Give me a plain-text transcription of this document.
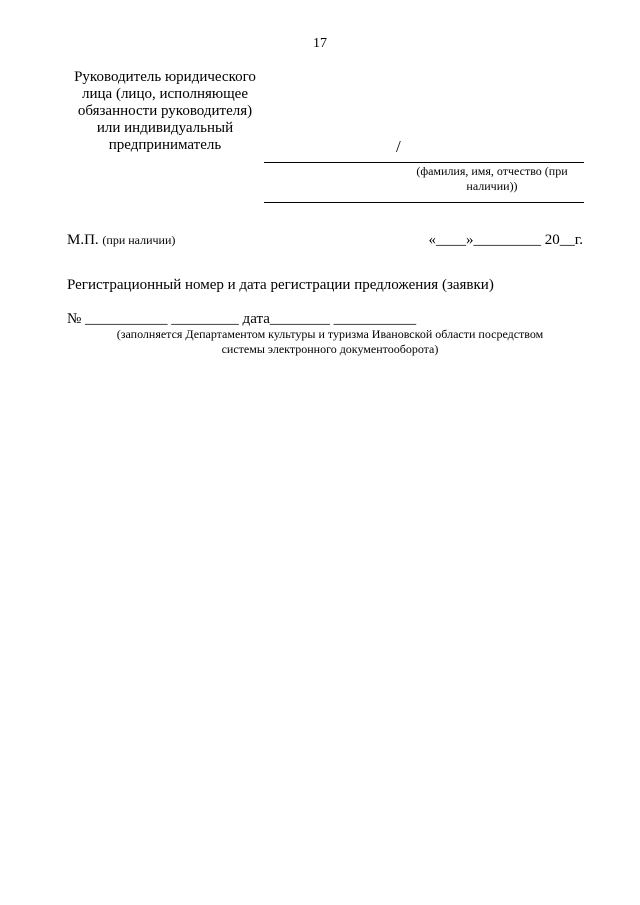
17
Руководитель юридического
лица (лицо, исполняющее
обязанности руководителя)
или индивидуальный
предприниматель	/
(фамилия, имя, отчество (при
наличии))
М.П. (при наличии)	«____»_________ 20__г.
Регистрационный номер и дата регистрации предложения (заявки)
№ ___________ _________ дата________ ___________
(заполняется Департаментом культуры и туризма Ивановской области посредством
системы электронного документооборота)
